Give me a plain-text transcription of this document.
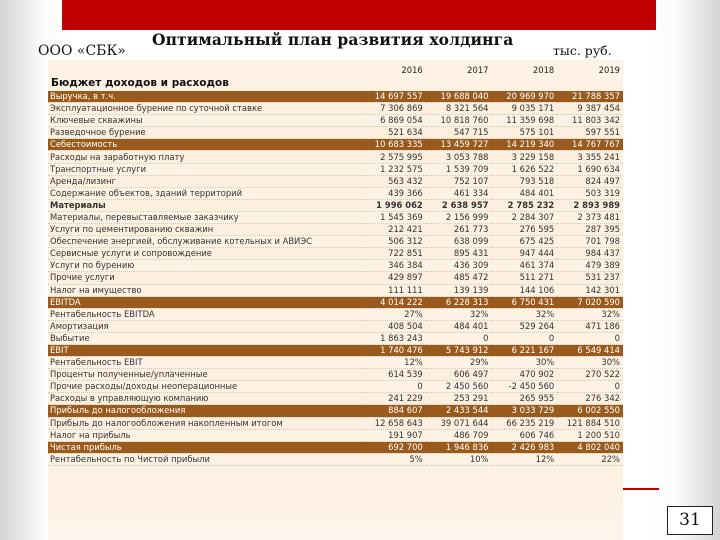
ООО «СБК»
Оптимальный план развития холдинга
тыс. руб.
	2016	2017	2018	2019
Бюджет доходов и расходов				
Выручка, в т.ч.	14 697 557	19 688 040	20 969 970	21 788 357
Эксплуатационное бурение по суточной ставке	7 306 869	8 321 564	9 035 171	9 387 454
Ключевые скважины	6 869 054	10 818 760	11 359 698	11 803 342
Разведочное бурение	521 634	547 715	575 101	597 551
Себестоимость	10 683 335	13 459 727	14 219 340	14 767 767
Расходы на заработную плату	2 575 995	3 053 788	3 229 158	3 355 241
Транспортные услуги	1 232 575	1 539 709	1 626 522	1 690 634
Аренда/лизинг	563 432	752 107	793 518	824 497
Содержание объектов, зданий территорий	439 366	461 334	484 401	503 319
Материалы	1 996 062	2 638 957	2 785 232	2 893 989
Материалы, перевыставляемые заказчику	1 545 369	2 156 999	2 284 307	2 373 481
Услуги по цементированию скважин	212 421	261 773	276 595	287 395
Обеспечение энергией, обслуживание котельных и АВИЭС	506 312	638 099	675 425	701 798
Сервисные услуги и сопровождение	722 851	895 431	947 444	984 437
Услуги по бурению	346 384	436 309	461 374	479 389
Прочие услуги	429 897	485 472	511 271	531 237
Налог на имущество	111 111	139 139	144 106	142 301
EBITDA	4 014 222	6 228 313	6 750 431	7 020 590
Рентабельность EBITDA	27%	32%	32%	32%
Амортизация	408 504	484 401	529 264	471 186
Выбытие	1 863 243	0	0	0
EBIT	1 740 476	5 743 912	6 221 167	6 549 414
Рентабельность EBIT	12%	29%	30%	30%
Проценты полученные/уплаченные	614 539	606 497	470 902	270 522
Прочие расходы/доходы неоперационные	0	2 450 560	-2 450 560	0
Расходы в управляющую компанию	241 229	253 291	265 955	276 342
Прибыль до налогообложения	884 607	2 433 544	3 033 729	6 002 550
Прибыль до налогообложения накопленным итогом	12 658 643	39 071 644	66 235 219	121 884 510
Налог на прибыль	191 907	486 709	606 746	1 200 510
Чистая прибыль	692 700	1 946 836	2 426 983	4 802 040
Рентабельность по Чистой прибыли	5%	10%	12%	22%
31
